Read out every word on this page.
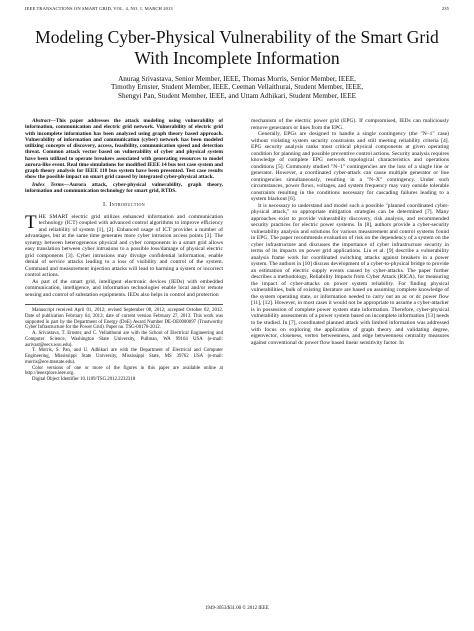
IEEE TRANSACTIONS ON SMART GRID, VOL. 4, NO. 1, MARCH 2013	235
Modeling Cyber-Physical Vulnerability of the Smart Grid With Incomplete Information
Anurag Srivastava, Senior Member, IEEE, Thomas Morris, Senior Member, IEEE,
Timothy Ernster, Student Member, IEEE, Ceeman Vellaithurai, Student Member, IEEE,
Shengyi Pan, Student Member, IEEE, and Uttam Adhikari, Student Member, IEEE

Abstract—This paper addresses the attack modeling using vulnerability of information, communication and electric grid network. Vulnerability of electric grid with incomplete information has been analyzed using graph theory based approach. Vulnerability of information and communication (cyber) network has been modeled utilizing concepts of discovery, access, feasibility, communication speed and detection threat. Common attack vector based on vulnerability of cyber and physical system have been utilized to operate breakers associated with generating resources to model aurora-like event. Real time simulations for modified IEEE 14 bus test case system and graph theory analysis for IEEE 118 bus system have been presented. Test case results show the possible impact on smart grid caused by integrated cyber-physical attack.

Index Terms—Aurora attack, cyber-physical vulnerability, graph theory, information and communication technology for smart grid, RTDS.

I. Introduction

THE SMART electric grid utilizes enhanced information and communication technology (ICT) coupled with advanced control algorithms to improve efficiency and reliability of system [1], [2]. Enhanced usage of ICT provides a number of advantages, but at the same time generates more cyber intrusion access points [3]. The synergy between heterogeneous physical and cyber components in a smart grid allows easy translation between cyber intrusions to a possible loss/damage of physical electric grid components [3]. Cyber intrusions may divulge confidential information, enable denial of service attacks leading to a loss of visibility and control of the system. Command and measurement injection attacks will lead to harming a system or incorrect control actions.

As part of the smart grid, intelligent electronic devices (IEDs) with embedded communication, intelligence, and information technologies enable local and/or remote sensing and control of substation equipments. IEDs also helps in control and protection

Manuscript received April 01, 2012; revised September 08, 2012; accepted October 02, 2012. Date of publication February 04, 2013; date of current version February 27, 2013. This work was supported in part by the Department of Energy (DoE) Award Number DE-OE0000097 (Trustworthy Cyber Infrastructure for the Power Grid). Paper no. TSG-00178-2012.

A. Srivastava, T. Ernster, and C. Vellaithurai are with the School of Electrical Engineering and Computer Science, Washington State University, Pullman, WA 99164 USA (e-mail: asrivast@eecs.wsu.edu).

T. Morris, S. Pan, and U. Adhikari are with the Department of Electrical and Computer Engineering, Mississippi State University, Mississippi State, MS 39762 USA (e-mail: morris@ece.msstate.edu).

Color versions of one or more of the figures in this paper are available online at http://ieeexplore.ieee.org.

Digital Object Identifier 10.1109/TSG.2012.2232318

mechanism of the electric power grid (EPG). If compromised, IEDs can maliciously remove generators or lines from the EPG.

Generally, EPGs are designed to handle a single contingency (the "N–1" case) without violating system security constraints and still meeting reliability criteria [4]. EPG security analysis ranks most critical physical components at given operating condition for planning and possible preventive control actions. Security analysis requires knowledge of complete EPG network topological characteristics and operations conditions [5]. Commonly studied "N–1" contingencies are the loss of a single line or generator. However, a coordinated cyber-attack can cause multiple generator or line contingencies simultaneously, resulting in a "N–X" contingency. Under such circumstances, power flows, voltages, and system frequency may vary outside tolerable constraints resulting in the conditions necessary for cascading failures leading to a system blackout [6].

It is necessary to understand and model such a possible "planned coordinated cyber-physical attack," so appropriate mitigation strategies can be determined [7]. Many approaches exist to provide vulnerability discovery, risk analysis, and recommended security practices for electric power systems. In [8], authors provide a cyber-security vulnerability analysis and solutions for various measurement and control systems found in EPG. The paper recommends evaluation of risk on the dependency of a system on the cyber infrastructure and discusses the importance of cyber infrastructure security in terms of its impacts on power grid applications. Liu et al. [9] describe a vulnerability analysis frame work for coordinated switching attacks against breakers in a power system. The authors in [10] discuss development of a cyber-to-physical bridge to provide an estimation of electric supply events caused by cyber-attacks. The paper further describes a methodology, Reliability Impacts from Cyber Attack (RICA), for measuring the impact of cyber-attacks on power system reliability. For finding physical vulnerabilities, bulk of existing literature are based on assuming complete knowledge of the system operating state, or information needed to carry out an ac or dc power flow [11], [12]. However, in most cases it would not be appropriate to assume a cyber-attacker is in possession of complete power system state information. Therefore, cyber-physical vulnerability assessments of a power system based on incomplete information [13] needs to be studied. In [7], coordinated planned attack with limited information was addressed with focus on exploring the application of graph theory and validating degree, eigenvector, closeness, vertex betweenness, and edge betweenness centrality measures against conventional dc power flow based linear sensitivity factor. In

1949-3053/$31.00 © 2012 IEEE
